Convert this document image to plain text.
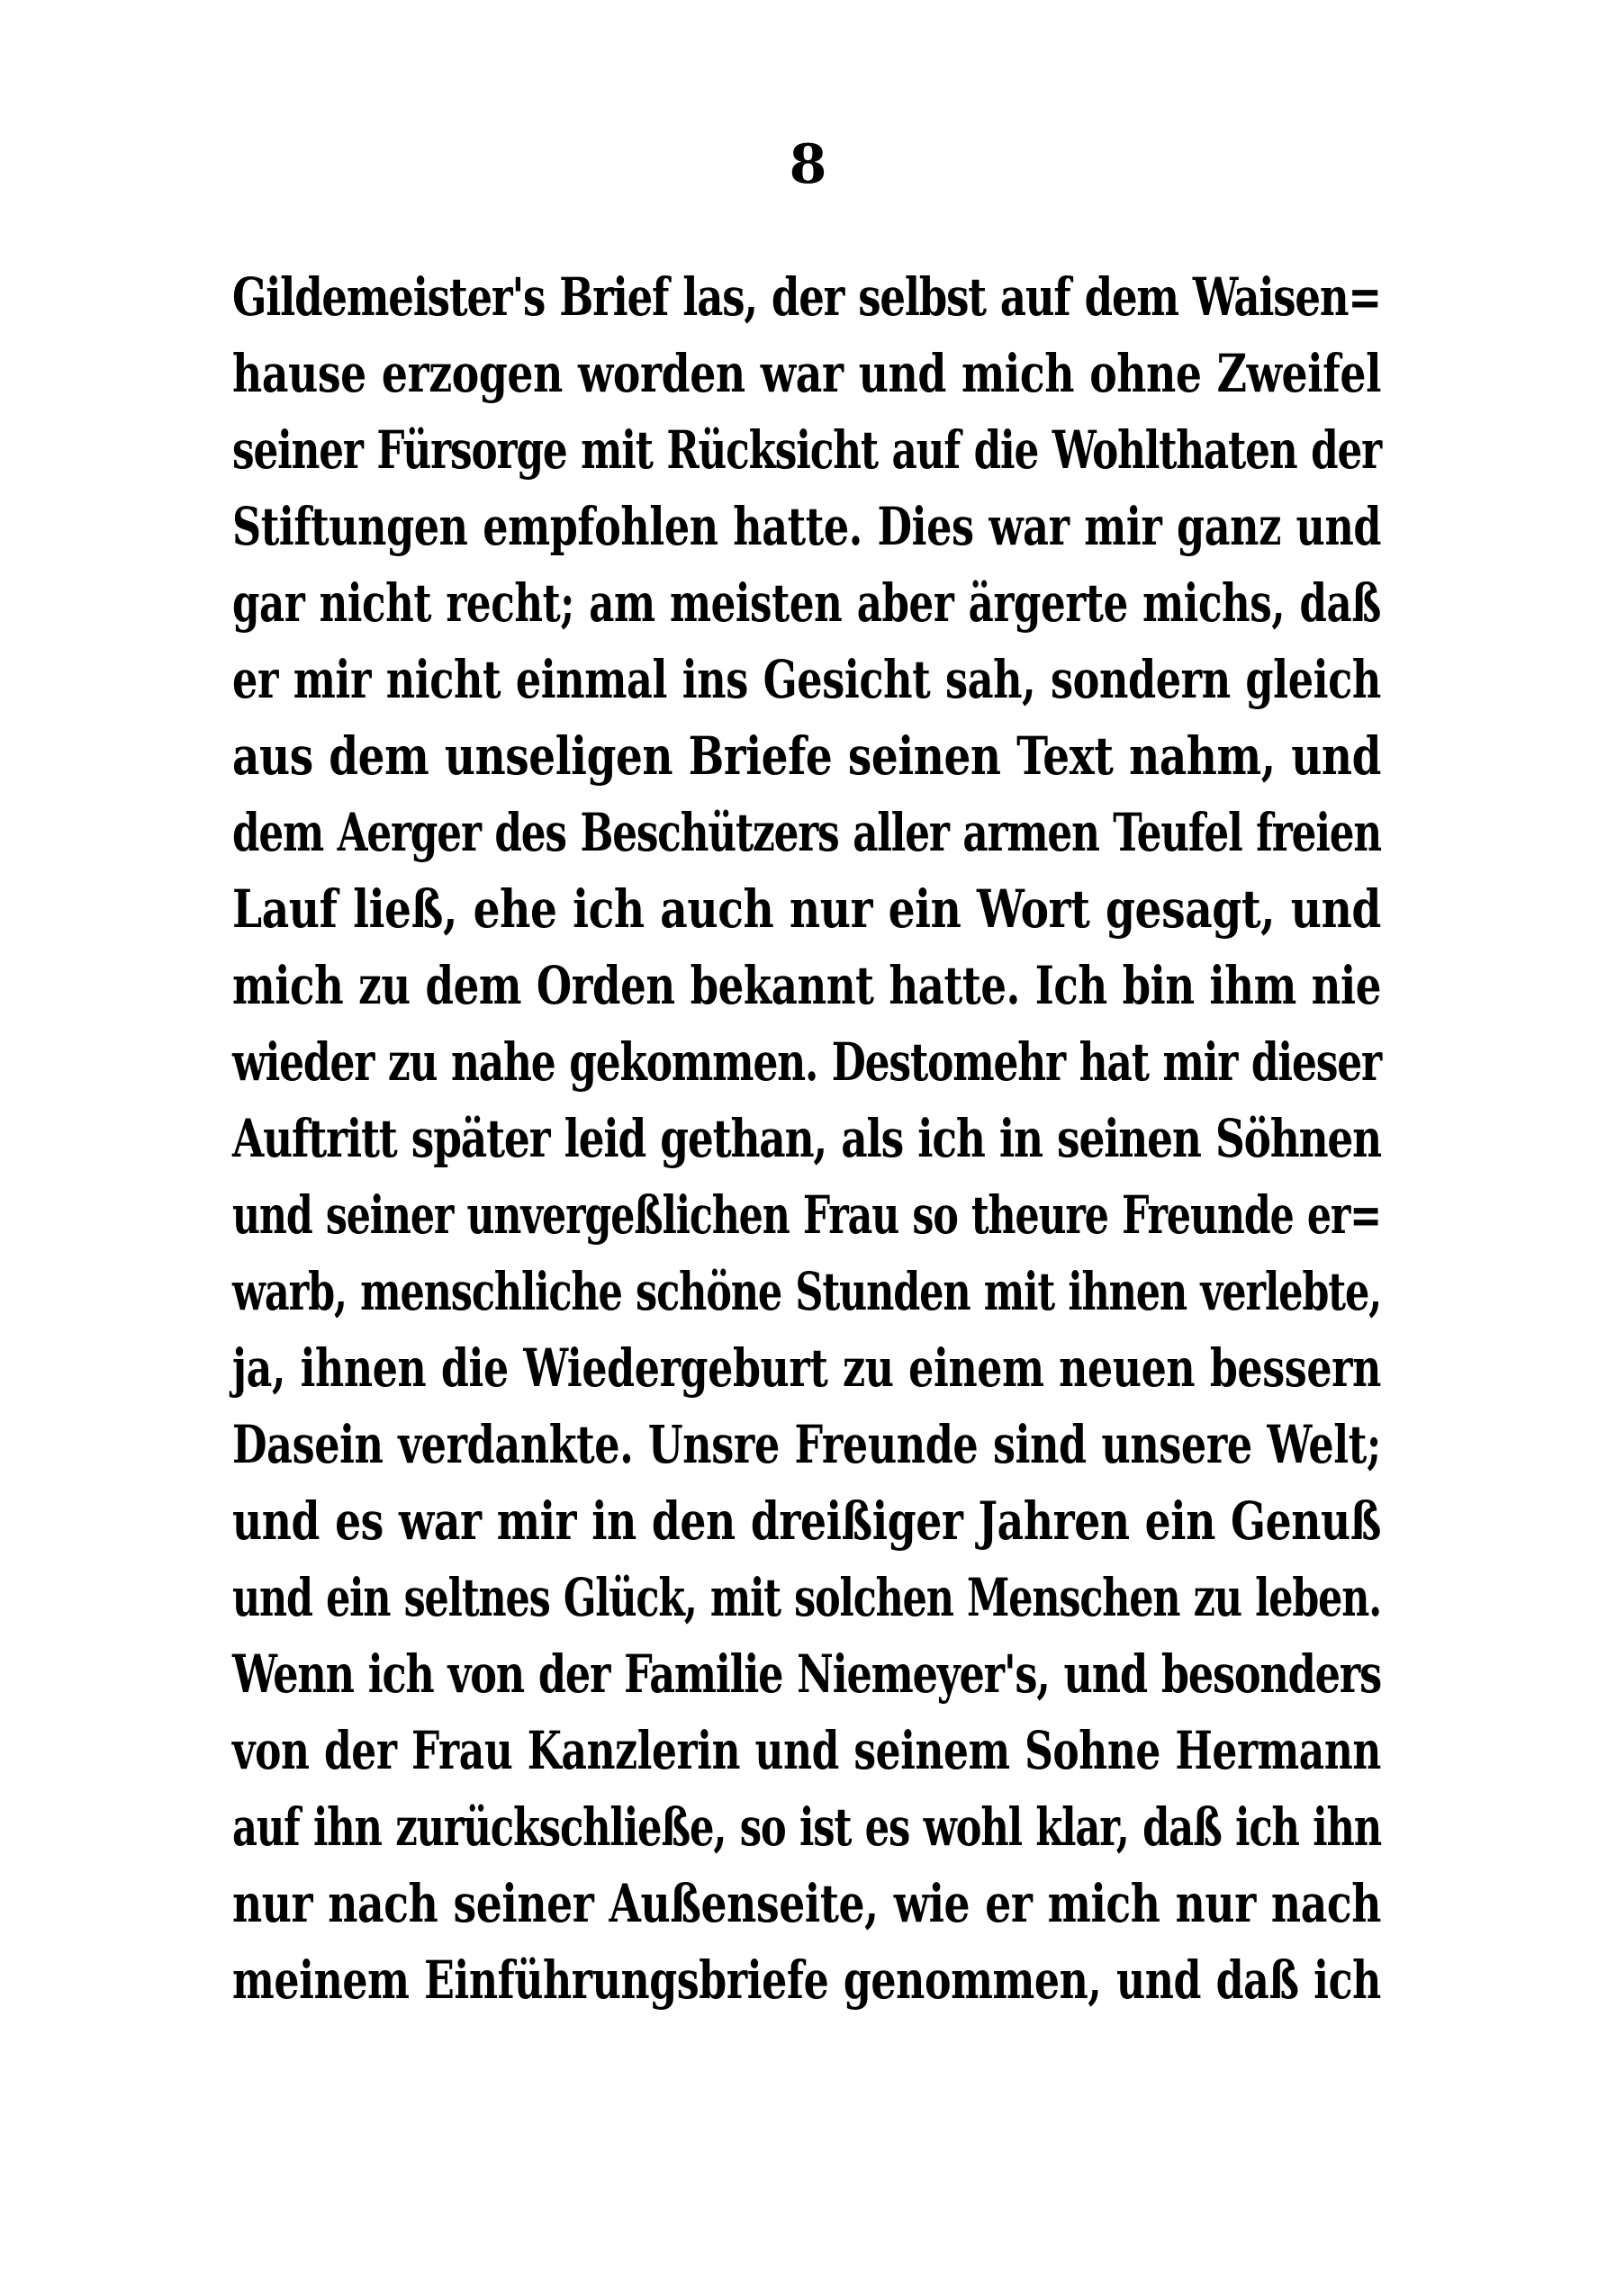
8
Gildemeister's Brief las, der selbst auf dem Waisen=
hause erzogen worden war und mich ohne Zweifel
seiner Fürsorge mit Rücksicht auf die Wohlthaten der
Stiftungen empfohlen hatte. Dies war mir ganz und
gar nicht recht; am meisten aber ärgerte michs, daß
er mir nicht einmal ins Gesicht sah, sondern gleich
aus dem unseligen Briefe seinen Text nahm, und
dem Aerger des Beschützers aller armen Teufel freien
Lauf ließ, ehe ich auch nur ein Wort gesagt, und
mich zu dem Orden bekannt hatte. Ich bin ihm nie
wieder zu nahe gekommen. Destomehr hat mir dieser
Auftritt später leid gethan, als ich in seinen Söhnen
und seiner unvergeßlichen Frau so theure Freunde er=
warb, menschliche schöne Stunden mit ihnen verlebte,
ja, ihnen die Wiedergeburt zu einem neuen bessern
Dasein verdankte. Unsre Freunde sind unsere Welt;
und es war mir in den dreißiger Jahren ein Genuß
und ein seltnes Glück, mit solchen Menschen zu leben.
Wenn ich von der Familie Niemeyer's, und besonders
von der Frau Kanzlerin und seinem Sohne Hermann
auf ihn zurückschließe, so ist es wohl klar, daß ich ihn
nur nach seiner Außenseite, wie er mich nur nach
meinem Einführungsbriefe genommen, und daß ich
